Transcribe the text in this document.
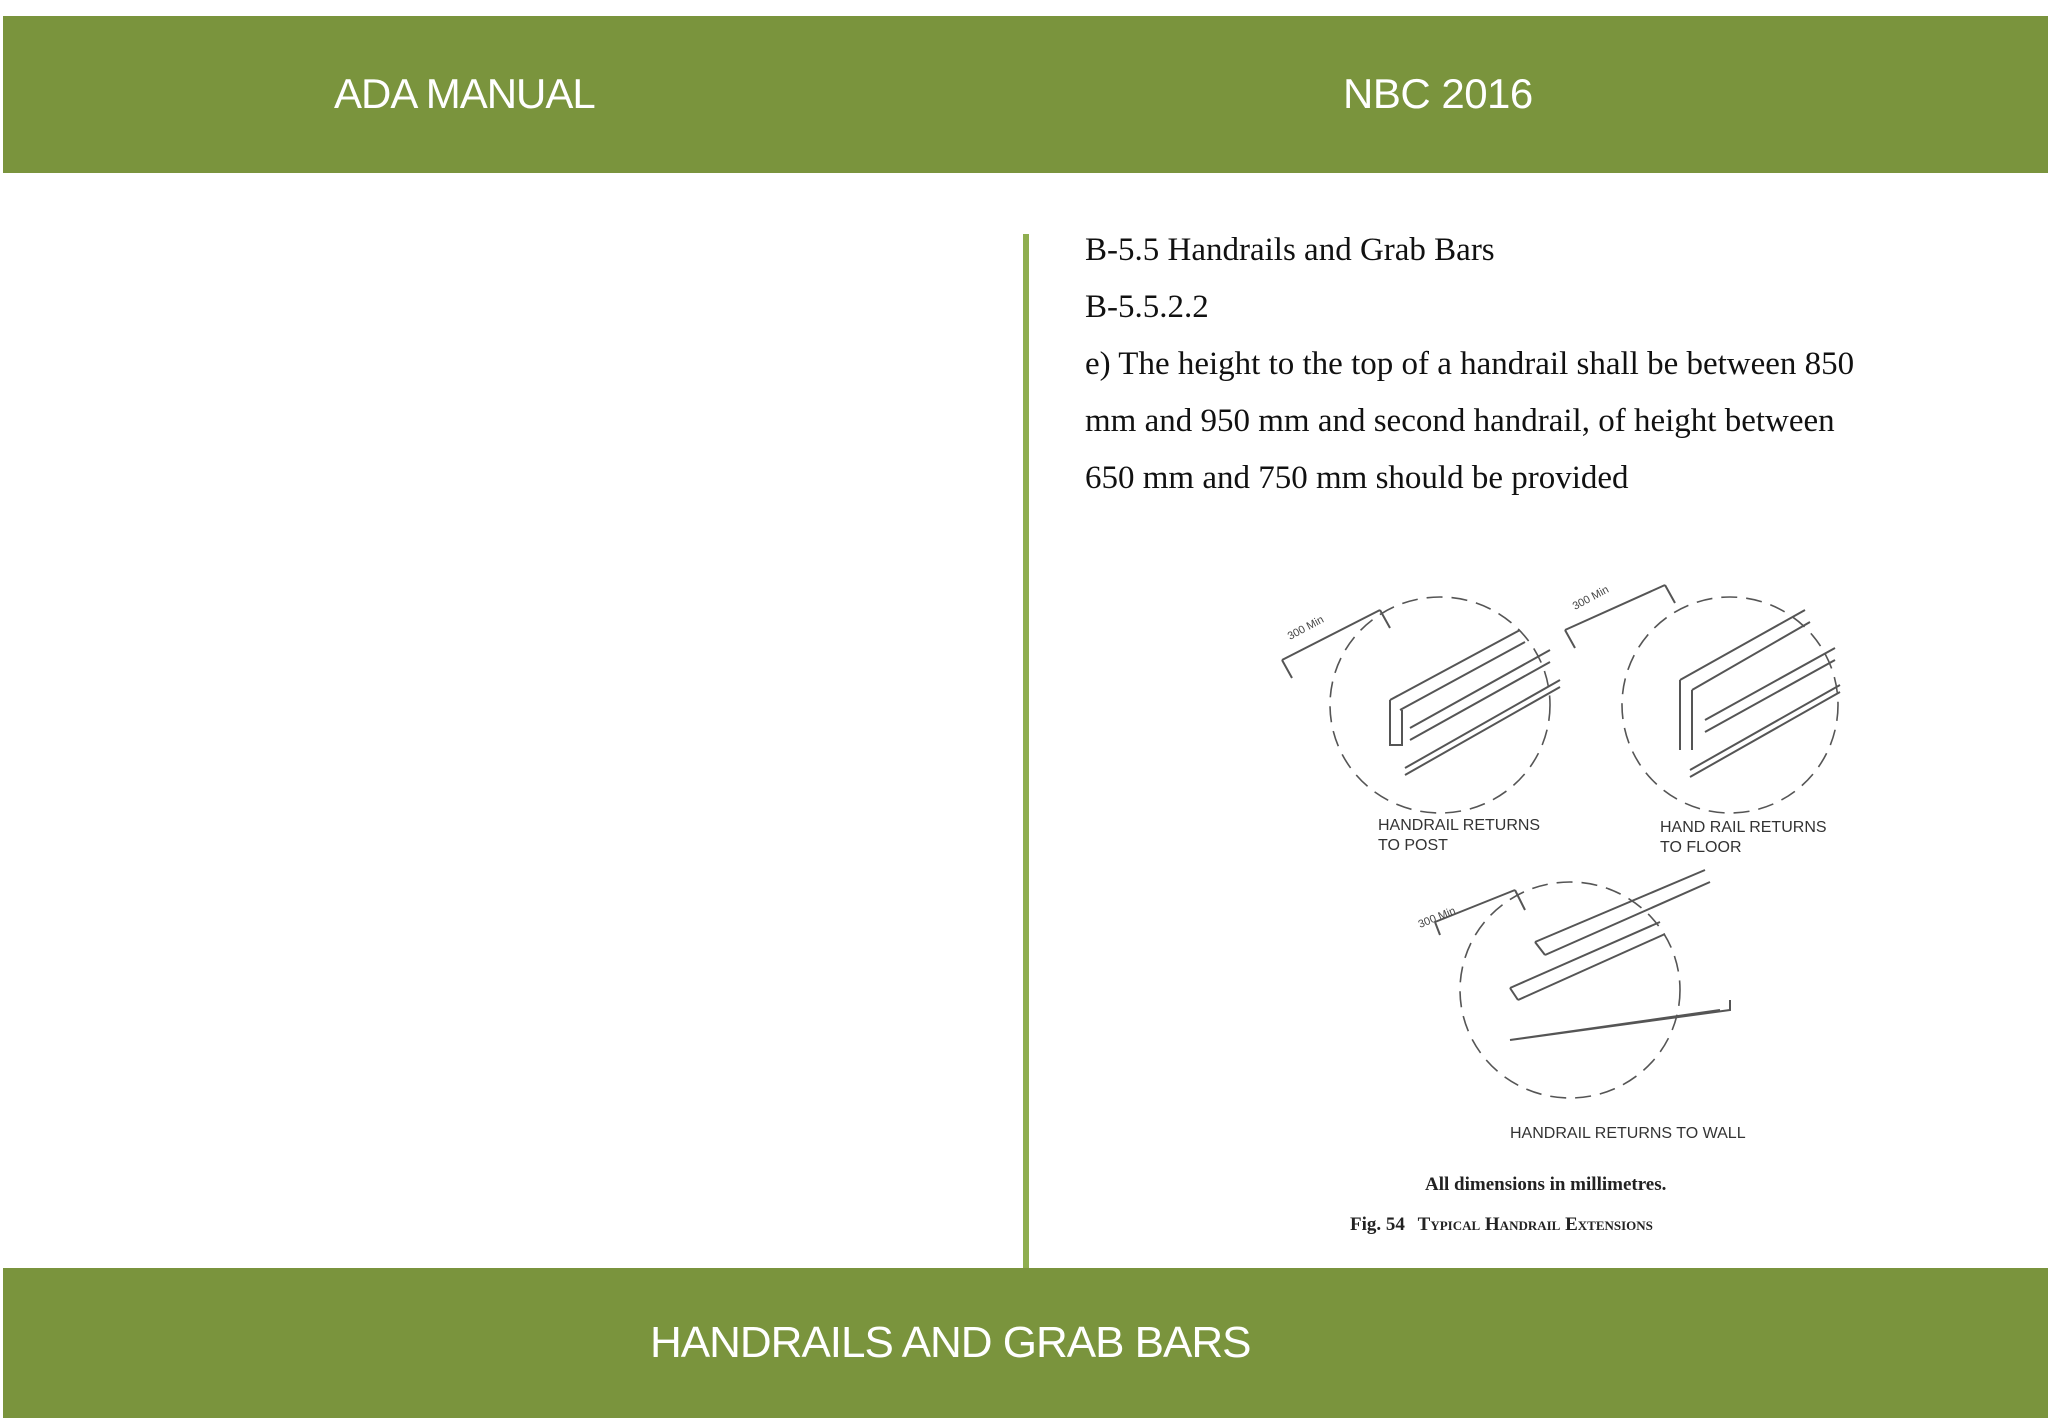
ADA MANUAL	NBC 2016

B-5.5 Handrails and Grab Bars

B-5.5.2.2

e) The height to the top of a handrail shall be between 850

mm and 950 mm and second handrail, of height between

650 mm and 750 mm should be provided

300 Min
300 Min
300 Min
HANDRAIL RETURNS
TO POST
HAND RAIL RETURNS
TO FLOOR
HANDRAIL RETURNS TO WALL
All dimensions in millimetres.
Fig. 54 Typical Handrail Extensions
HANDRAILS AND GRAB BARS
